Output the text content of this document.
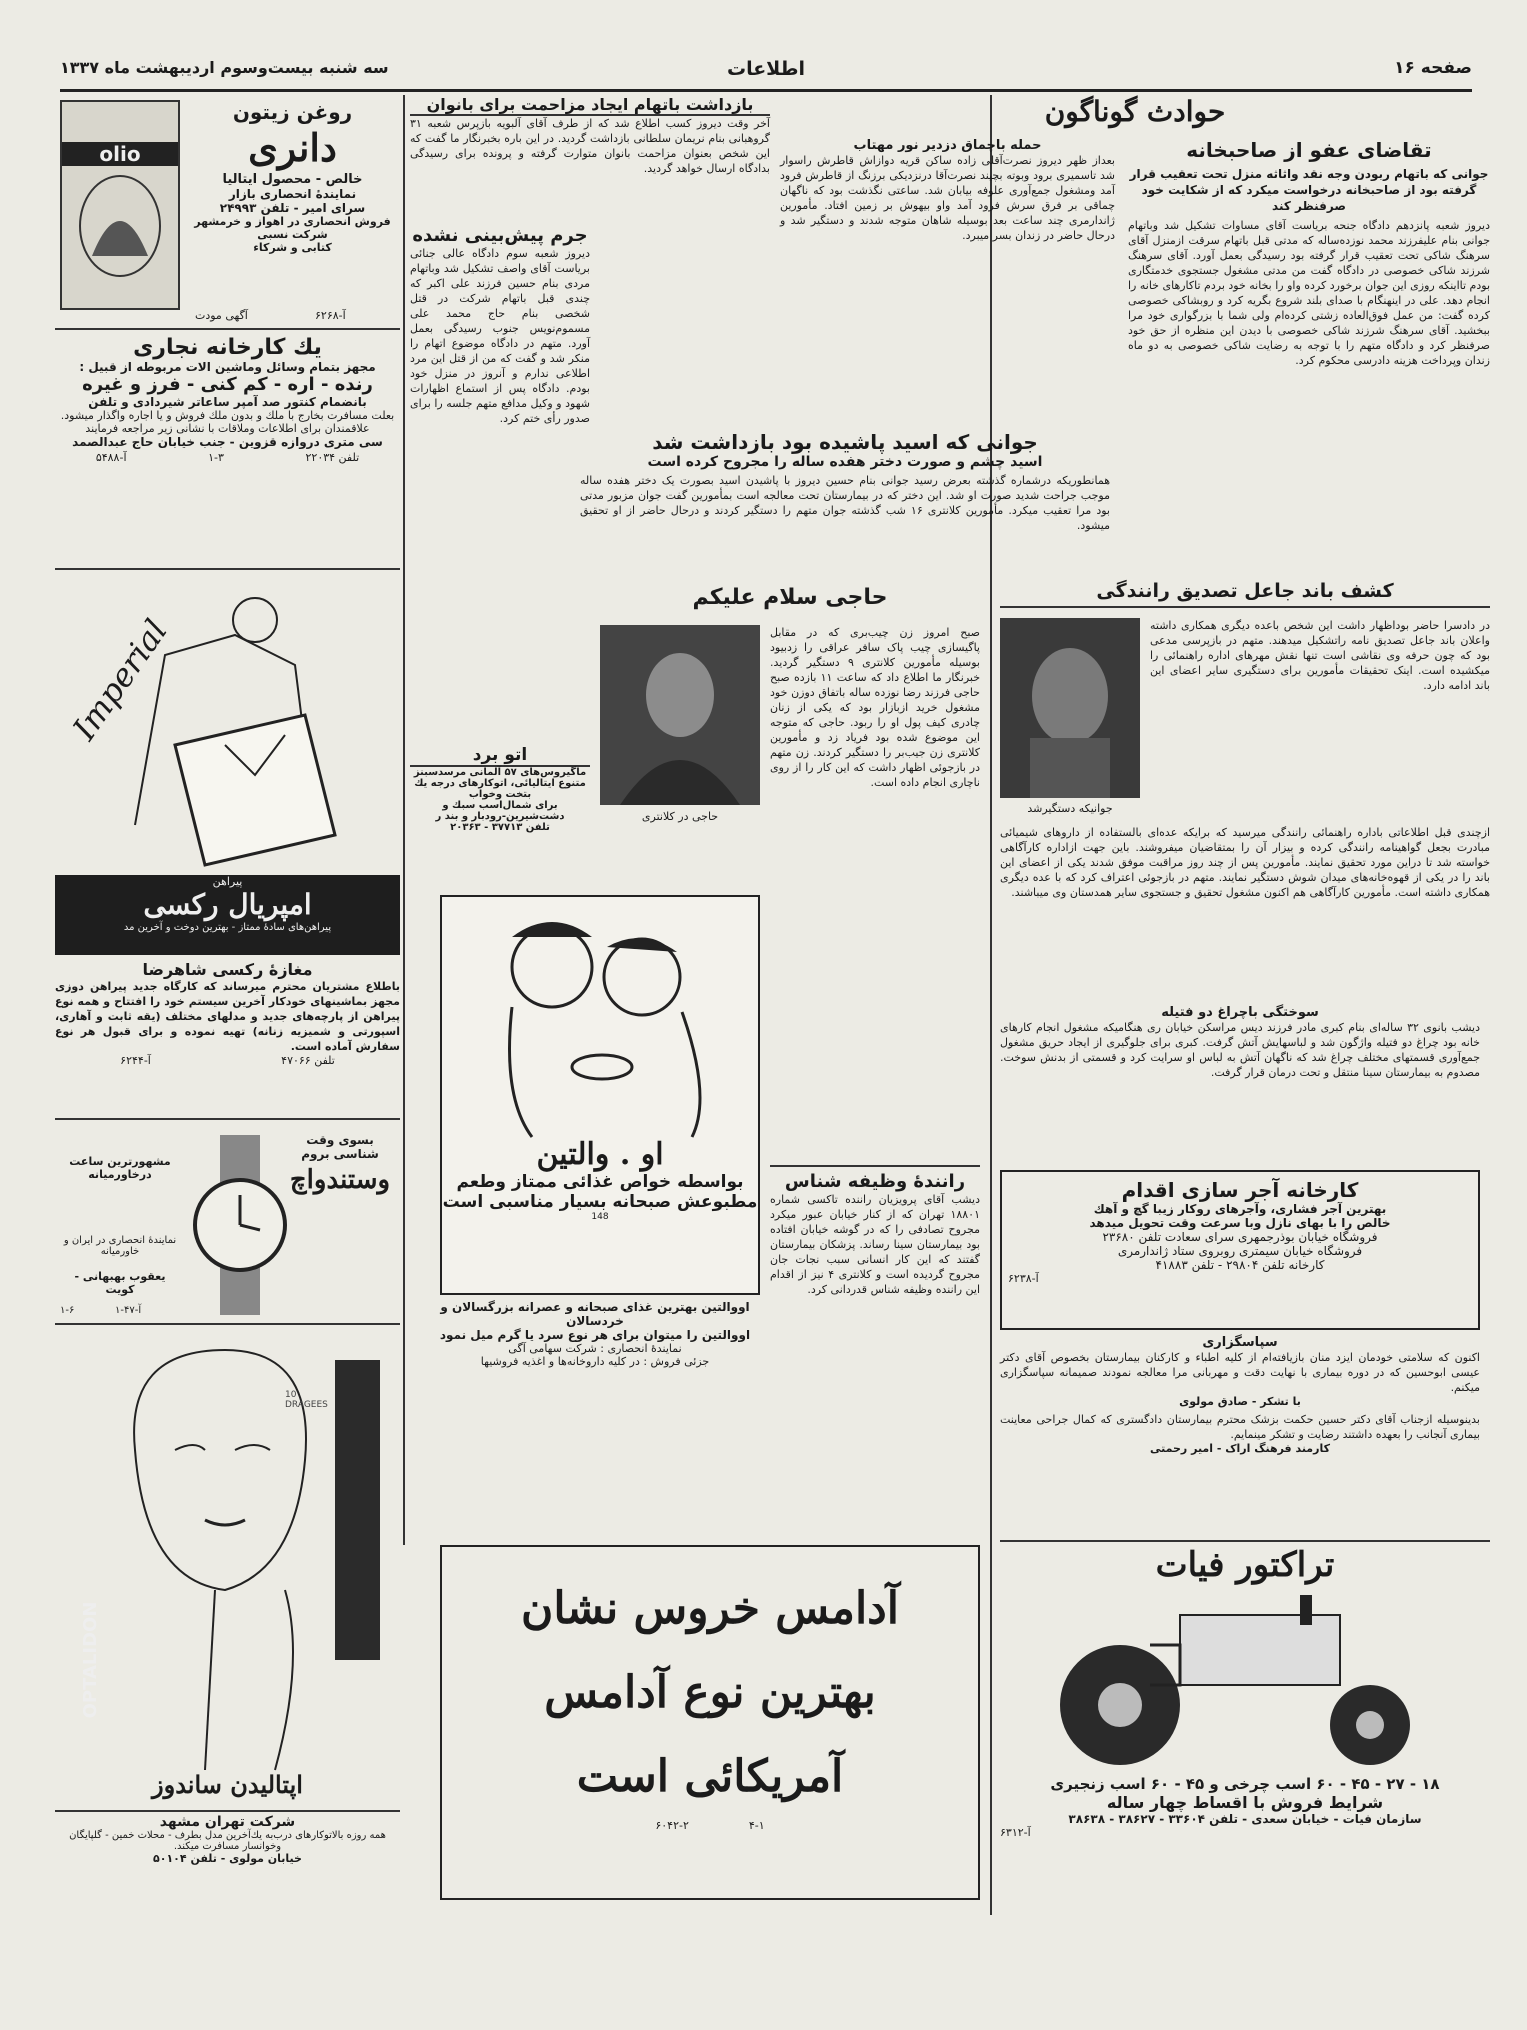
صفحه ۱۶
اطلاعات
سه شنبه بیست‌وسوم اردیبهشت ماه ۱۳۳۷
حوادث گوناگون
تقاضای عفو از صاحبخانه
جوانی که باتهام ربودن وجه نقد واثاثه منزل تحت تعقیب قرار گرفته بود از صاحبخانه درخواست میکرد که از شکایت خود صرفنظر کند

دیروز شعبه پانزدهم دادگاه جنحه بریاست آقای مساوات تشکیل شد وباتهام جوانی بنام علیفرزند محمد نوزده‌ساله که مدتی قبل باتهام سرقت ازمنزل آقای سرهنگ شاکی تحت تعقیب قرار گرفته بود رسیدگی بعمل آورد. آقای سرهنگ شرزند شاکی خصوصی در دادگاه گفت من مدتی مشغول جستجوی خدمتگاری بودم تااینکه روزی این جوان برخورد کرده واو را بخانه خود بردم تاکارهای خانه را انجام دهد. علی در اینهنگام با صدای بلند شروع بگریه کرد و روبشاکی خصوصی کرده گفت: من عمل فوق‌العاده زشتی کرده‌ام ولی شما با بزرگواری خود مرا ببخشید. آقای سرهنگ شرزند شاکی خصوصی با دیدن این منظره از حق خود صرفنظر کرد و دادگاه متهم را با توجه به رضایت شاکی خصوصی به دو ماه زندان وپرداخت هزینه دادرسی محکوم کرد.

حمله باچماق دزدیر نور مهتاب

بعداز ظهر دیروز نصرت‌آقلی زاده ساکن قریه دوازاش قاطرش راسوار شد تاسمیری برود وبوته بچیند نصرت‌آقا درنزدیکی برزنگ از قاطرش فرود آمد ومشغول جمع‌آوری علوفه بیابان شد. ساعتی نگذشت بود که ناگهان چماقی بر فرق سرش فرود آمد واو بیهوش بر زمین افتاد. مأمورین ژاندارمری چند ساعت بعد بوسیله شاهان متوجه شدند و دستگیر شد و درحال حاضر در زندان بسر میبرد.

جوانی که اسید پاشیده بود بازداشت شد
اسید چشم و صورت دختر هفده ساله را مجروح کرده است

همانطوریکه درشماره گذشته بعرض رسید جوانی بنام حسین دیروز با پاشیدن اسید بصورت یک دختر هفده ساله موجب جراحت شدید صورت او شد. این دختر که در بیمارستان تحت معالجه است بمأمورین گفت جوان مزبور مدتی بود مرا تعقیب میکرد. مأمورین کلانتری ۱۶ شب گذشته جوان متهم را دستگیر کردند و درحال حاضر از او تحقیق میشود.

کشف باند جاعل تصدیق رانندگی
جوانیکه دستگیرشد

در دادسرا حاضر بوداظهار داشت این شخص باعده دیگری همکاری داشته واعلان باند جاعل تصدیق نامه راتشکیل میدهند. متهم در بازپرسی مدعی بود که چون حرفه وی نقاشی است تنها نقش مهرهای اداره راهنمائی را میکشیده است. اینک تحقیقات مأمورین برای دستگیری سایر اعضای این باند ادامه دارد.

ازچندی قبل اطلاعاتی باداره راهنمائی رانندگی میرسید که برایکه عده‌ای بالستفاده از داروهای شیمیائی مبادرت بجعل گواهینامه رانندگی کرده و بیزار آن را بمتقاضیان میفروشند. باین جهت ازاداره کارآگاهی خواسته شد تا دراین مورد تحقیق نمایند. مأمورین پس از چند روز مراقبت موفق شدند یکی از اعضای این باند را در یکی از قهوه‌خانه‌های میدان شوش دستگیر نمایند. متهم در بازجوئی اعتراف کرد که با عده دیگری همکاری داشته است. مأمورین کارآگاهی هم اکنون مشغول تحقیق و جستجوی سایر همدستان وی میباشند.

سوختگی باچراغ دو فتیله

دیشب بانوی ۳۲ ساله‌ای بنام کبری مادر فرزند دیس مراسکن خیابان ری هنگامیکه مشغول انجام کارهای خانه بود چراغ دو فتیله واژگون شد و لباسهایش آتش گرفت. کبری برای جلوگیری از ایجاد حریق مشغول جمع‌آوری قسمتهای مختلف چراغ شد که ناگهان آتش به لباس او سرایت کرد و قسمتی از بدنش سوخت. مصدوم به بیمارستان سینا منتقل و تحت درمان قرار گرفت.

کارخانه آجر سازی اقدام
بهترین آجر فشاری، وآجرهای روکار زیبا گچ و آهك
خالص را با بهای نازل وبا سرعت وقت تحویل میدهد
فروشگاه خیابان بوذرجمهری سرای سعادت تلفن ۲۳۶۸۰
فروشگاه خیابان سیمتری روبروی ستاد ژاندارمری
کارخانه تلفن ۲۹۸۰۴ - تلفن ۴۱۸۸۳
آ-۶۲۳۸
سپاسگزاری

اکنون که سلامتی خودمان ایزد منان بازیافته‌ام از کلیه اطباء و کارکنان بیمارستان بخصوص آقای دکتر عیسی ابوحسین که در دوره بیماری با نهایت دقت و مهربانی مرا معالجه نمودند صمیمانه سپاسگزاری میکنم.

با تشکر - صادق مولوی

بدینوسیله ازجناب آقای دکتر حسین حکمت بزشک محترم بیمارستان دادگستری که کمال جراحی معاینت بیماری آنجانب را بعهده داشتند رضایت و تشکر مینمایم.

کارمند فرهنگ اراک - امیر رحمتی
حاجی سلام علیکم
حاجی در کلانتری

صبح امروز زن چیب‌بری که در مقابل پاگیسازی چیب پاک سافر عراقی را زدبیود بوسیله مأمورین کلانتری ۹ دستگیر گردید. خبرنگار ما اطلاع داد که ساعت ۱۱ بازده صبح حاجی فرزند رضا نوزده ساله باتفاق دوزن خود مشغول خرید ازبازار بود که یکی از زنان چادری کیف پول او را ربود. حاجی که متوجه این موضوع شده بود فریاد زد و مأمورین کلانتری زن جیب‌بر را دستگیر کردند. زن متهم در بازجوئی اظهار داشت که این کار را از روی ناچاری انجام داده است.

رانندهٔ وظیفه شناس

دیشب آقای پرویزیان راننده تاکسی شماره ۱۸۸۰۱ تهران که از کنار خیابان عبور میکرد مجروح تصادفی را که در گوشه خیابان افتاده بود بیمارستان سینا رساند. پزشکان بیمارستان گفتند که این کار انسانی سبب نجات جان مجروح گردیده است و کلانتری ۴ نیز از اقدام این راننده وظیفه شناس قدردانی کرد.

بازداشت باتهام ایجاد مزاحمت برای بانوان

آخر وقت دیروز کسب اطلاع شد که از طرف آقای آلبویه بازپرس شعبه ۳۱ گروهبانی بنام نریمان سلطانی بازداشت گردید. در این باره بخبرنگار ما گفت که این شخص بعنوان مزاحمت بانوان متوارت گرفته و پرونده برای رسیدگی بدادگاه ارسال خواهد گردید.

جرم پیش‌بینی نشده

دیروز شعبه سوم دادگاه عالی جنائی بریاست آقای واصف تشکیل شد وباتهام مردی بنام حسین فرزند علی اکبر که چندی قبل باتهام شرکت در قتل شخصی بنام حاج محمد علی مسموم‌نویس جنوب رسیدگی بعمل آورد. متهم در دادگاه موضوع اتهام را منکر شد و گفت که من از قتل این مرد اطلاعی ندارم و آنروز در منزل خود بودم. دادگاه پس از استماع اظهارات شهود و وکیل مدافع متهم جلسه را برای صدور رأی ختم کرد.

اتو برد
ماگیروس‌های ۵۷ آلمانی مرسدسبنز
متنوع ایتالیائی، اتوکارهای درجه یك بتخت وخواب
برای شمال‌اسب‌ سبك و دشت‌شیرین-رودبار و بند ر
تلفن ۳۷۷۱۳ - ۲۰۳۶۳
او . والتین
بواسطه خواص غذائی ممتاز وطعم
مطبوعش صبحانه بسیار مناسبی است
148
اووالتین بهترین غذای صبحانه و عصرانه بزرگسالان و خردسالان
اووالتین را میتوان برای هر نوع سرد یا گرم میل نمود
نمایندهٔ انحصاری : شرکت سهامی آگی
جزئی فروش : در کلیه داروخانه‌ها و اغذیه فروشیها
olio
روغن زیتون
دانری
خالص - محصول ایتالیا
نمایندهٔ انحصاری بازار
سرای امیر - تلفن ۲۴۹۹۳
فروش انحصاری در اهواز و خرمشهر شرکت نسبی
کتابی و شرکاء
آگهی مودت	آ-۶۲۶۸
یك كارخانه نجاری
مجهز بتمام وسائل وماشین الات مربوطه از قبیل :
رنده - اره - کم کنی - فرز و غیره
بانضمام کنتور صد آمپر ساعاتر شیردادی و تلفن
بعلت مسافرت بخارج با ملك و بدون ملك فروش و یا اجاره واگذار میشود. علاقمندان برای اطلاعات وملاقات با نشانی زیر مراجعه فرمایند
سی متری دروازه قزوین - جنب خیابان حاج عبدالصمد
تلفن ۲۲۰۳۴
۱-۳
آ-۵۴۸۸
Imperial
پیراهن
امپریال رکسی
پیراهن‌های سادهٔ ممتاز - بهترین دوخت و آخرین مد
مغازهٔ رکسی شاهرضا

باطلاع مشتریان محترم میرساند که کارگاه جدید پیراهن دوزی مجهز بماشینهای خودکار آخرین سیستم خود را افتتاح و همه نوع پیراهن از پارچه‌های جدید و مدلهای مختلف (یقه ثابت و آهاری، اسپورتی و شمیزیه زنانه) تهیه نموده و برای قبول هر نوع سفارش آماده است.

تلفن ۴۷۰۶۶
آ-۶۲۴۴
بسوی وقت شناسی بروم
وستندواچ
مشهورترین ساعت درخاورمیانه
نمایندهٔ انحصاری در ایران و خاورمیانه
یعقوب بهبهانی - کویت
۱-۶	آ-۴۷-۱
OPTALIDON
10 DRAGEES
اپتالیدن ساندوز
شرکت تهران مشهد
همه روزه بالاتوکارهای درب‌به یك‌آخرین مدل بطرف - محلات خمین - گلپایگان وخوانسار مسافرت میکند.
خیابان مولوی - تلفن ۵۰۱۰۴
آدامس خروس نشان
بهترین نوع آدامس
آمریکائی است
۴-۱
۶۰۴۲-۲
تراکتور فیات
۱۸ - ۲۷ - ۴۵ - ۶۰ اسب چرخی و ۴۵ - ۶۰ اسب زنجیری
شرایط فروش با اقساط چهار ساله
سازمان فیات - خیابان سعدی - تلفن ۳۳۶۰۴ - ۳۸۶۲۷ - ۳۸۶۳۸
آ-۶۳۱۲
